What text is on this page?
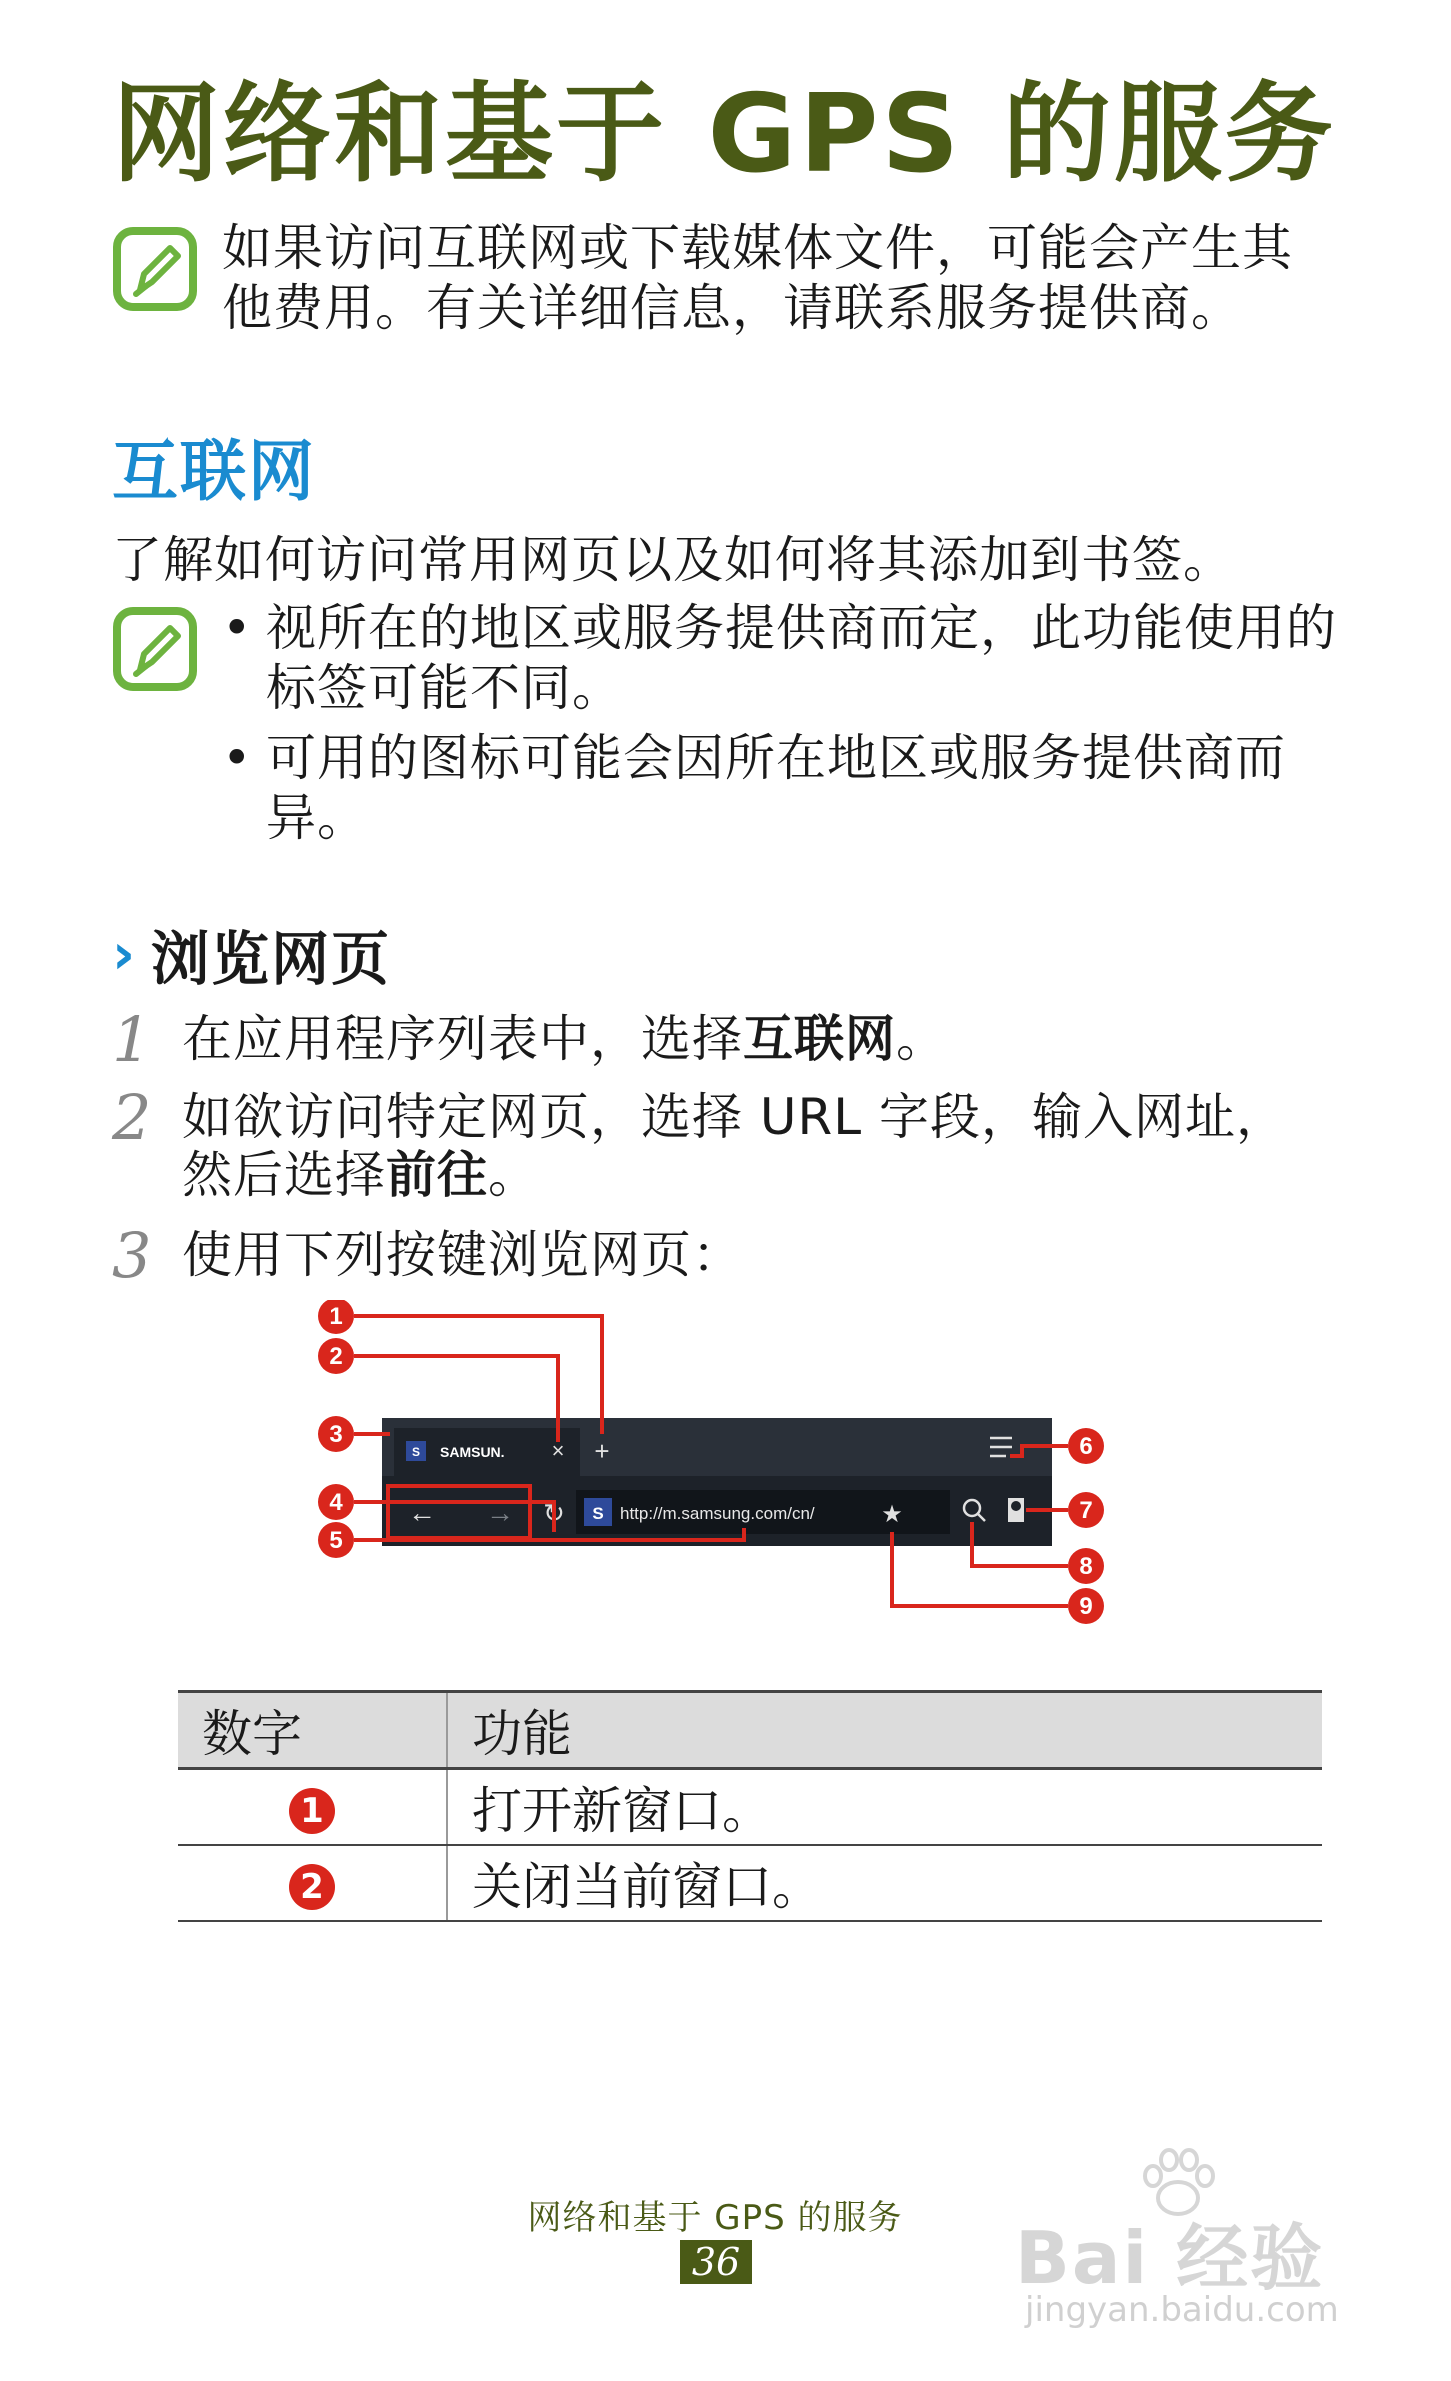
网络和基于 GPS 的服务
如果访问互联网或下载媒体文件，可能会产生其
他费用。有关详细信息，请联系服务提供商。
互联网
了解如何访问常用网页以及如何将其添加到书签。
• 视所在的地区或服务提供商而定，此功能使用的标签可能不同。
• 可用的图标可能会因所在地区或服务提供商而异。
› 浏览网页
1 在应用程序列表中，选择互联网。
2 如欲访问特定网页，选择 URL 字段，输入网址，然后选择前往。
3 使用下列按键浏览网页：
S SAMSUN. × +
← → ↻ S http://m.samsung.com/cn/	★
1
2
3
4
5
6
7
8
9
数字	功能
1	打开新窗口。
2	关闭当前窗口。
网络和基于 GPS 的服务
36	Bai 经验
jingyan.baidu.com
